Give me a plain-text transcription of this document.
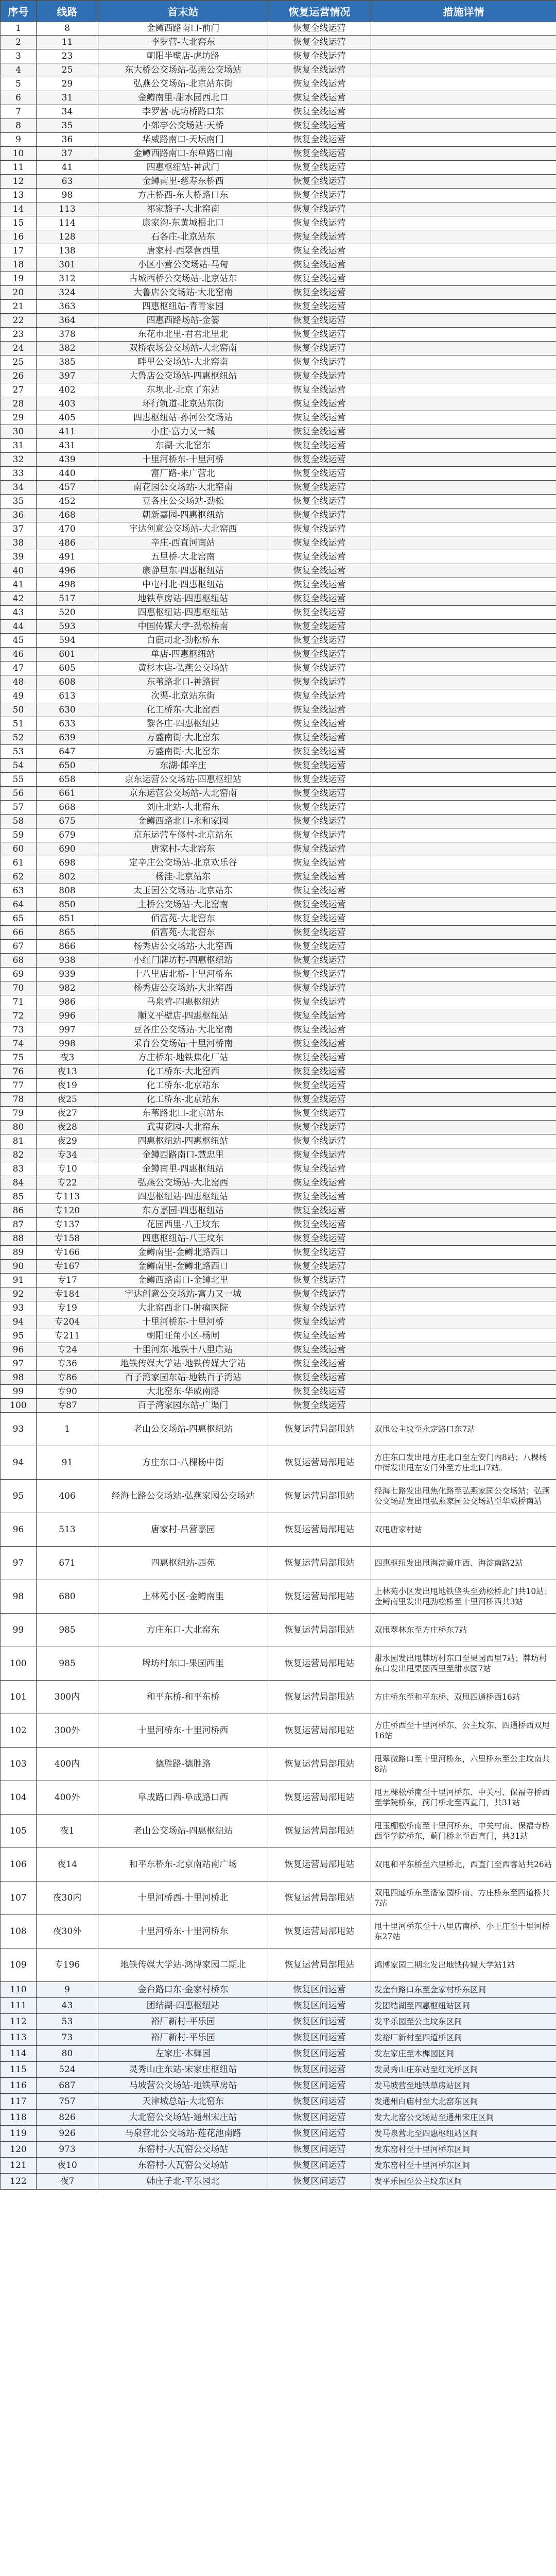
序号	线路	首末站	恢复运营情况	措施详情
1	8	金鳟西路南口-前门	恢复全线运营	
2	11	李罗营-大北窑东	恢复全线运营	
3	23	朝阳半壁店-虎坊路	恢复全线运营	
4	25	东大桥公交场站-弘燕公交场站	恢复全线运营	
5	29	弘燕公交场站-北京站东街	恢复全线运营	
6	31	金鳟南里-甜水园西北口	恢复全线运营	
7	34	李罗营-虎坊桥路口东	恢复全线运营	
8	35	小郊亭公交场站-天桥	恢复全线运营	
9	36	华威路南口-天坛南门	恢复全线运营	
10	37	金鳟西路南口-东单路口南	恢复全线运营	
11	41	四惠枢纽站-神武门	恢复全线运营	
12	63	金鳟南里-慈寿东桥西	恢复全线运营	
13	98	方庄桥西-东大桥路口东	恢复全线运营	
14	113	祁家豁子-大北窑南	恢复全线运营	
15	114	康家沟-东黄城根北口	恢复全线运营	
16	128	石各庄-北京站东	恢复全线运营	
17	138	唐家村-西翠营西里	恢复全线运营	
18	301	小区小营公交场站-马甸	恢复全线运营	
19	312	古城西桥公交场站-北京站东	恢复全线运营	
20	324	大鲁店公交场站-大北窑南	恢复全线运营	
21	363	四惠枢纽站-青青家园	恢复全线运营	
22	364	四惠西路场站-金篓	恢复全线运营	
23	378	东花市北里-君君北里北	恢复全线运营	
24	382	双桥农场公交场站-大北窑南	恢复全线运营	
25	385	畔里公交场站-大北窑南	恢复全线运营	
26	397	大鲁店公交场站-四惠枢纽站	恢复全线运营	
27	402	东坝北-北京了东站	恢复全线运营	
28	403	环行轨道-北京站东街	恢复全线运营	
29	405	四惠枢纽站-孙河公交场站	恢复全线运营	
30	411	小庄-富力又一城	恢复全线运营	
31	431	东湖-大北窑东	恢复全线运营	
32	439	十里河桥东-十里河桥	恢复全线运营	
33	440	富厂路-来广营北	恢复全线运营	
34	457	南花园公交场站-大北窑南	恢复全线运营	
35	452	豆各庄公交场站-劲松	恢复全线运营	
36	468	朝新嘉园-四惠枢纽站	恢复全线运营	
37	470	宇达创意公交场站-大北窑西	恢复全线运营	
38	486	辛庄-西直河南站	恢复全线运营	
39	491	五里桥-大北窑南	恢复全线运营	
40	496	康静里东-四惠枢纽站	恢复全线运营	
41	498	中屯村北-四惠枢纽站	恢复全线运营	
42	517	地铁草房站-四惠枢纽站	恢复全线运营	
43	520	四惠枢纽站-四惠枢纽站	恢复全线运营	
44	593	中国传媒大学-劲松桥南	恢复全线运营	
45	594	白鹿司北-劲松桥东	恢复全线运营	
46	601	单店-四惠枢纽站	恢复全线运营	
47	605	黄杉木店-弘燕公交场站	恢复全线运营	
48	608	东苇路北口-神路街	恢复全线运营	
49	613	次渠-北京站东街	恢复全线运营	
50	630	化工桥东-大北窑西	恢复全线运营	
51	633	黎各庄-四惠枢纽站	恢复全线运营	
52	639	万盛南街-大北窑东	恢复全线运营	
53	647	万盛南街-大北窑东	恢复全线运营	
54	650	东湖-郎辛庄	恢复全线运营	
55	658	京东运营公交场站-四惠枢纽站	恢复全线运营	
56	661	京东运营公交场站-大北窑南	恢复全线运营	
57	668	刘庄北站-大北窑东	恢复全线运营	
58	675	金鳟西路北口-永和家园	恢复全线运营	
59	679	京东运营车修村-北京站东	恢复全线运营	
60	690	唐家村-大北窑东	恢复全线运营	
61	698	定辛庄公交场站-北京欢乐谷	恢复全线运营	
62	802	杨洼-北京站东	恢复全线运营	
63	808	太玉园公交场站-北京站东	恢复全线运营	
64	850	土桥公交场站-大北窑南	恢复全线运营	
65	851	佰富苑-大北窑东	恢复全线运营	
66	865	佰富苑-大北窑东	恢复全线运营	
67	866	杨秀店公交场站-大北窑西	恢复全线运营	
68	938	小红门牌坊村-四惠枢纽站	恢复全线运营	
69	939	十八里店北桥-十里河桥东	恢复全线运营	
70	982	杨秀店公交场站-大北窑西	恢复全线运营	
71	986	马泉营-四惠枢纽站	恢复全线运营	
72	996	顺义平壁店-四惠枢纽站	恢复全线运营	
73	997	豆各庄公交场站-大北窑南	恢复全线运营	
74	998	采育公交场站-十里河桥南	恢复全线运营	
75	夜3	方庄桥东-地铁焦化厂站	恢复全线运营	
76	夜13	化工桥东-大北窑西	恢复全线运营	
77	夜19	化工桥东-北京站东	恢复全线运营	
78	夜25	化工桥东-北京站东	恢复全线运营	
79	夜27	东苇路北口-北京站东	恢复全线运营	
80	夜28	武夷花园-大北窑东	恢复全线运营	
81	夜29	四惠枢纽站-四惠枢纽站	恢复全线运营	
82	专34	金鳟西路南口-慧忠里	恢复全线运营	
83	专10	金鳟南里-四惠枢纽站	恢复全线运营	
84	专22	弘燕公交场站-大北窑西	恢复全线运营	
85	专113	四惠枢纽站-四惠枢纽站	恢复全线运营	
86	专120	东方嘉园-四惠枢纽站	恢复全线运营	
87	专137	花园西里-八王坟东	恢复全线运营	
88	专158	四惠枢纽站-八王坟东	恢复全线运营	
89	专166	金鳟南里-金鳟北路西口	恢复全线运营	
90	专167	金鳟南里-金鳟北路西口	恢复全线运营	
91	专17	金鳟西路南口-金鳟北里	恢复全线运营	
92	专184	宇达创意公交场站-富力又一城	恢复全线运营	
93	专19	大北窑西北口-肿瘤医院	恢复全线运营	
94	专204	十里河桥东-十里河桥	恢复全线运营	
95	专211	朝阳旺角小区-杨闸	恢复全线运营	
96	专24	十里河东-地铁十八里店站	恢复全线运营	
97	专36	地铁传媒大学站-地铁传媒大学站	恢复全线运营	
98	专86	百子湾家园东站-地铁百子湾站	恢复全线运营	
99	专90	大北窑东-华威南路	恢复全线运营	
100	专87	百子湾家园东站-广渠门	恢复全线运营	
93	1	老山公交场站-四惠枢纽站	恢复运营局部甩站	双甩公主坟至永定路口东7站
94	91	方庄东口-八棵杨中街	恢复运营局部甩站	方庄东口发出甩方庄北口至左安门内8站；八棵杨中街发出甩左安门外至方庄北口7站。
95	406	经海七路公交场站-弘燕家园公交场站	恢复运营局部甩站	经海七路发出甩焦化路至弘燕家园公交场站；弘燕公交场站发出甩弘燕家园公交场站至华威桥南站
96	513	唐家村-吕营嘉园	恢复运营局部甩站	双甩唐家村站
97	671	四惠枢纽站-西苑	恢复运营局部甩站	四惠枢纽发出甩海淀黄庄西、海淀南路2站
98	680	上林苑小区-金鳟南里	恢复运营局部甩站	上林苑小区发出甩地铁垡头至劲松桥北门共10站；金鳟南里发出甩劲松桥至十里河桥西共3站
99	985	方庄东口-大北窑东	恢复运营局部甩站	双甩翠林东至方庄桥东7站
100	985	牌坊村东口-果园西里	恢复运营局部甩站	甜水园发出甩牌坊村东口至果园西里7站；牌坊村东口发出甩果园西里至甜水园7站
101	300内	和平东桥-和平东桥	恢复运营局部甩站	方庄桥东至和平东桥、双甩四通桥西16站
102	300外	十里河桥东-十里河桥西	恢复运营局部甩站	方庄桥西至十里河桥东、公主坟东、四通桥西双甩16站
103	400内	德胜路-德胜路	恢复运营局部甩站	甩翠微路口至十里河桥东，六里桥东至公主坟南共8站
104	400外	阜成路口西-阜成路口西	恢复运营局部甩站	甩五棵松桥南至十里河桥东、中关村、保福寺桥西至学院桥东，蓟门桥北至西直门，共31站
105	夜1	老山公交场站-四惠枢纽站	恢复运营局部甩站	甩玉棚松桥南至十里河桥东，中关村南、保福寺桥西至学院桥东，蓟门桥北至西直门，共31站
106	夜14	和平东桥东-北京南站南广场	恢复运营局部甩站	双甩和平东桥至六里桥北，西直门至西客站共26站
107	夜30内	十里河桥西-十里河桥北	恢复运营局部甩站	双甩四通桥东至潘家园桥南、方庄桥东至四道桥共7站
108	夜30外	十里河桥东-十里河桥东	恢复运营局部甩站	甩十里河桥东至十八里店南桥、小王庄至十里河桥东27站
109	专196	地铁传媒大学站-鸿博家园二期北	恢复运营局部甩站	鸿博家园二期北发出地铁传媒大学站1站
110	9	金台路口东-金家村桥东	恢复区间运营	发金台路口东至金家村桥东区间
111	43	团结湖-四惠枢纽站	恢复区间运营	发团结湖至四惠枢纽站区间
112	53	裕厂新村-平乐园	恢复区间运营	发平乐园至公主坟东区间
113	73	裕厂新村-平乐园	恢复区间运营	发裕厂新村至四道桥区间
114	80	左家庄-木樨园	恢复区间运营	发左家庄至木樨园区间
115	524	灵秀山庄东站-宋家庄枢纽站	恢复区间运营	发灵秀山庄东站至红光桥区间
116	687	马坡营公交场站-地铁草房站	恢复区间运营	发马坡营至地铁草房站区间
117	757	天津城总站-大北窑东	恢复区间运营	发通州白庙村至大北窑东区间
118	826	大北窑公交场站-通州宋庄站	恢复区间运营	发大北窑公交场站至通州宋庄区间
119	926	马泉营北公交场站-莲花池南路	恢复区间运营	发马泉营北至四惠枢纽站区间
120	973	东窑村-大瓦窑公交场站	恢复区间运营	发东窑村至十里河桥东区间
121	夜10	东窑村-大瓦窑公交场站	恢复区间运营	发东窑村至十里河桥东区间
122	夜7	韩庄子北-平乐园北	恢复区间运营	发平乐园至公主坟东区间
